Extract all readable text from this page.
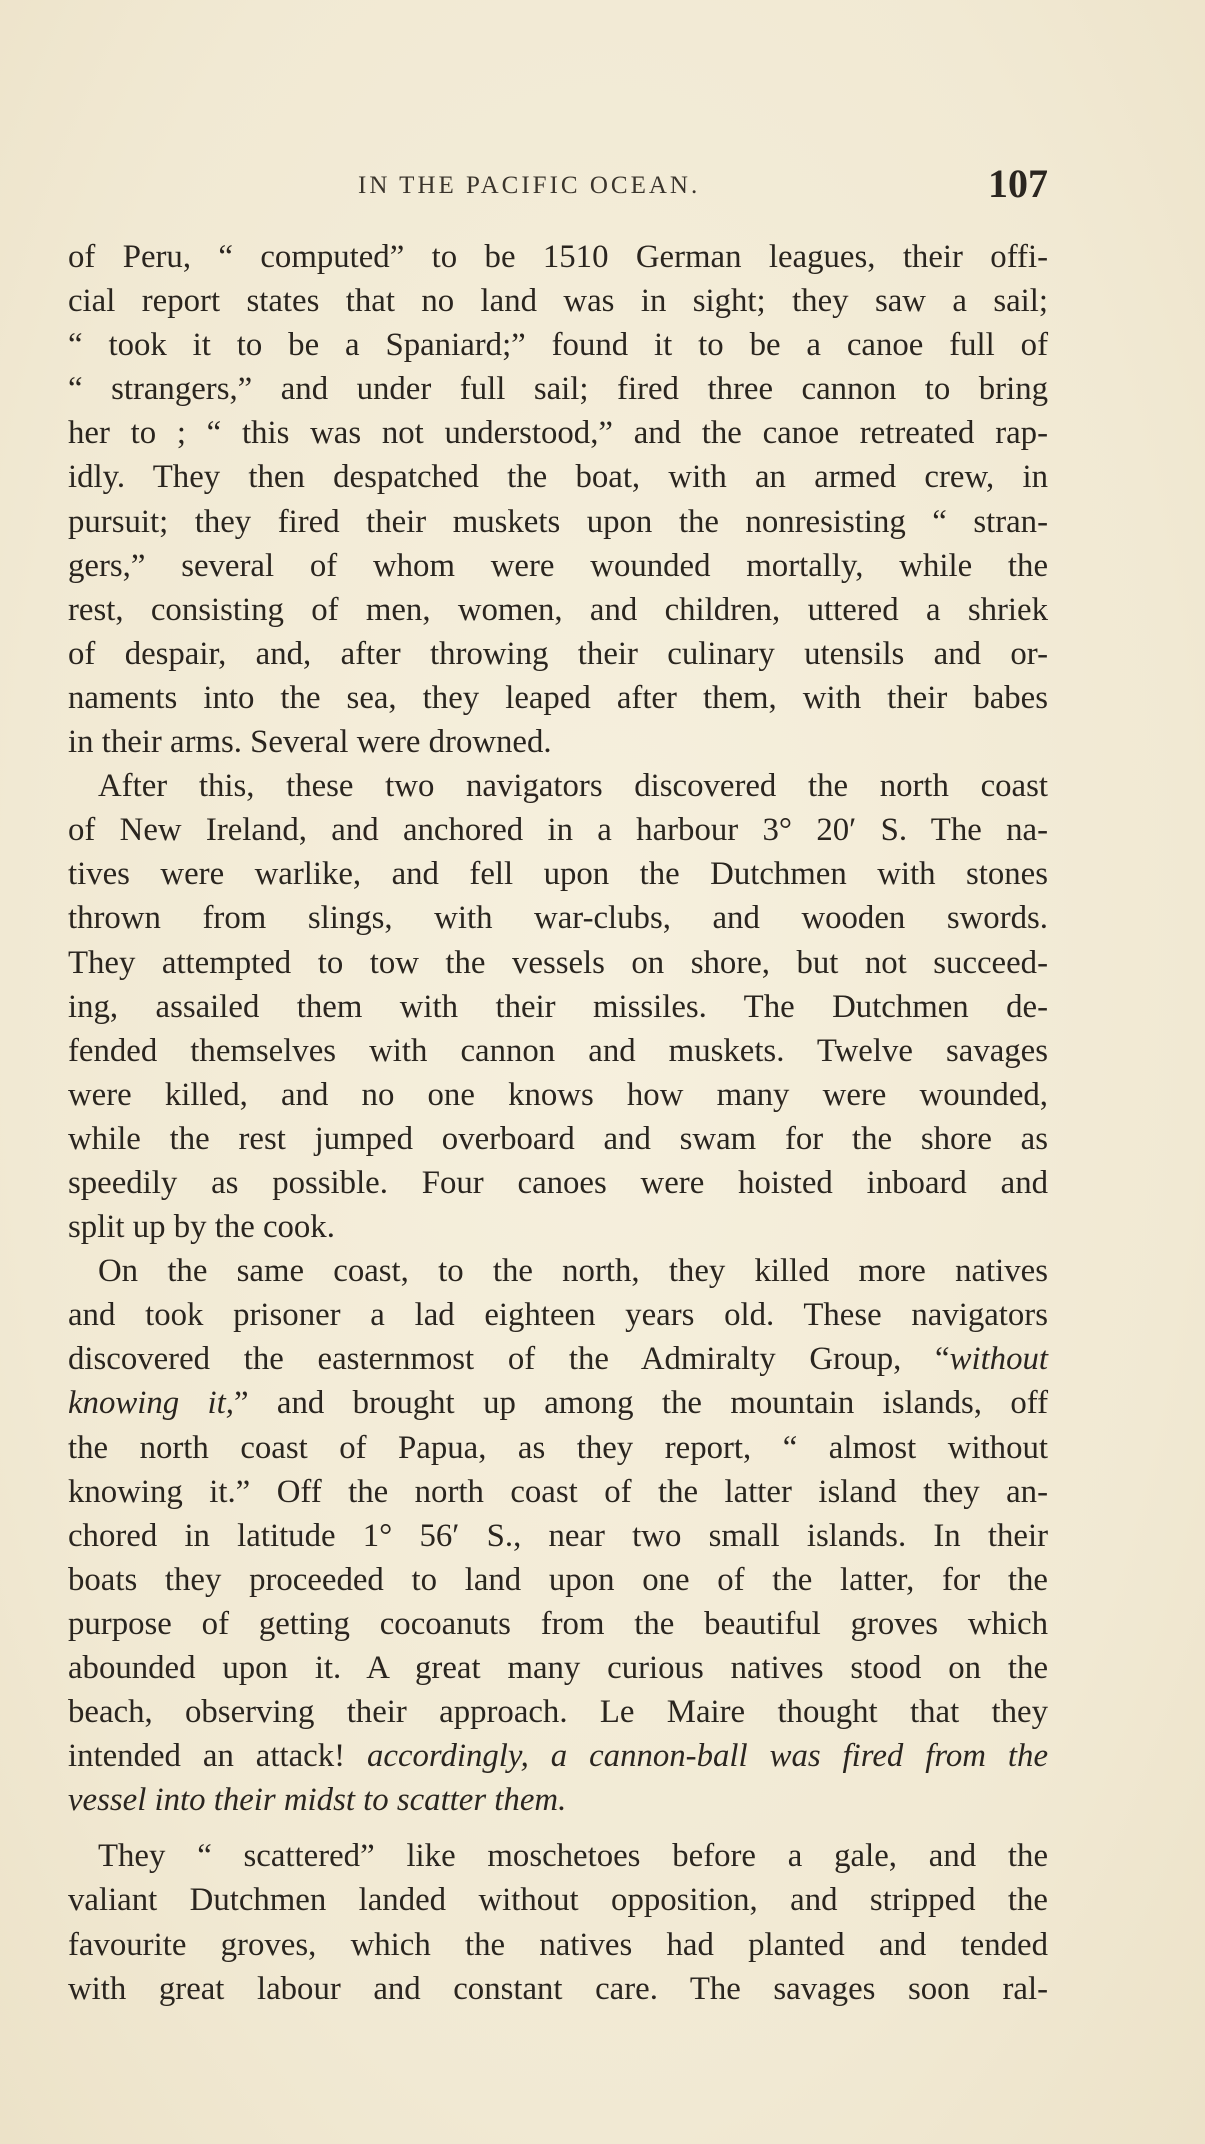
IN THE PACIFIC OCEAN.	107
of Peru, “ computed” to be 1510 German leagues, their offi-
cial report states that no land was in sight; they saw a sail;
“ took it to be a Spaniard;” found it to be a canoe full of
“ strangers,” and under full sail; fired three cannon to bring
her to ; “ this was not understood,” and the canoe retreated rap-
idly. They then despatched the boat, with an armed crew, in
pursuit; they fired their muskets upon the nonresisting “ stran-
gers,” several of whom were wounded mortally, while the
rest, consisting of men, women, and children, uttered a shriek
of despair, and, after throwing their culinary utensils and or-
naments into the sea, they leaped after them, with their babes
in their arms. Several were drowned.
After this, these two navigators discovered the north coast
of New Ireland, and anchored in a harbour 3° 20′ S. The na-
tives were warlike, and fell upon the Dutchmen with stones
thrown from slings, with war-clubs, and wooden swords.
They attempted to tow the vessels on shore, but not succeed-
ing, assailed them with their missiles. The Dutchmen de-
fended themselves with cannon and muskets. Twelve savages
were killed, and no one knows how many were wounded,
while the rest jumped overboard and swam for the shore as
speedily as possible. Four canoes were hoisted inboard and
split up by the cook.
On the same coast, to the north, they killed more natives
and took prisoner a lad eighteen years old. These navigators
discovered the easternmost of the Admiralty Group, “without
knowing it,” and brought up among the mountain islands, off
the north coast of Papua, as they report, “ almost without
knowing it.” Off the north coast of the latter island they an-
chored in latitude 1° 56′ S., near two small islands. In their
boats they proceeded to land upon one of the latter, for the
purpose of getting cocoanuts from the beautiful groves which
abounded upon it. A great many curious natives stood on the
beach, observing their approach. Le Maire thought that they
intended an attack! accordingly, a cannon-ball was fired from the
vessel into their midst to scatter them.
They “ scattered” like moschetoes before a gale, and the
valiant Dutchmen landed without opposition, and stripped the
favourite groves, which the natives had planted and tended
with great labour and constant care. The savages soon ral-
